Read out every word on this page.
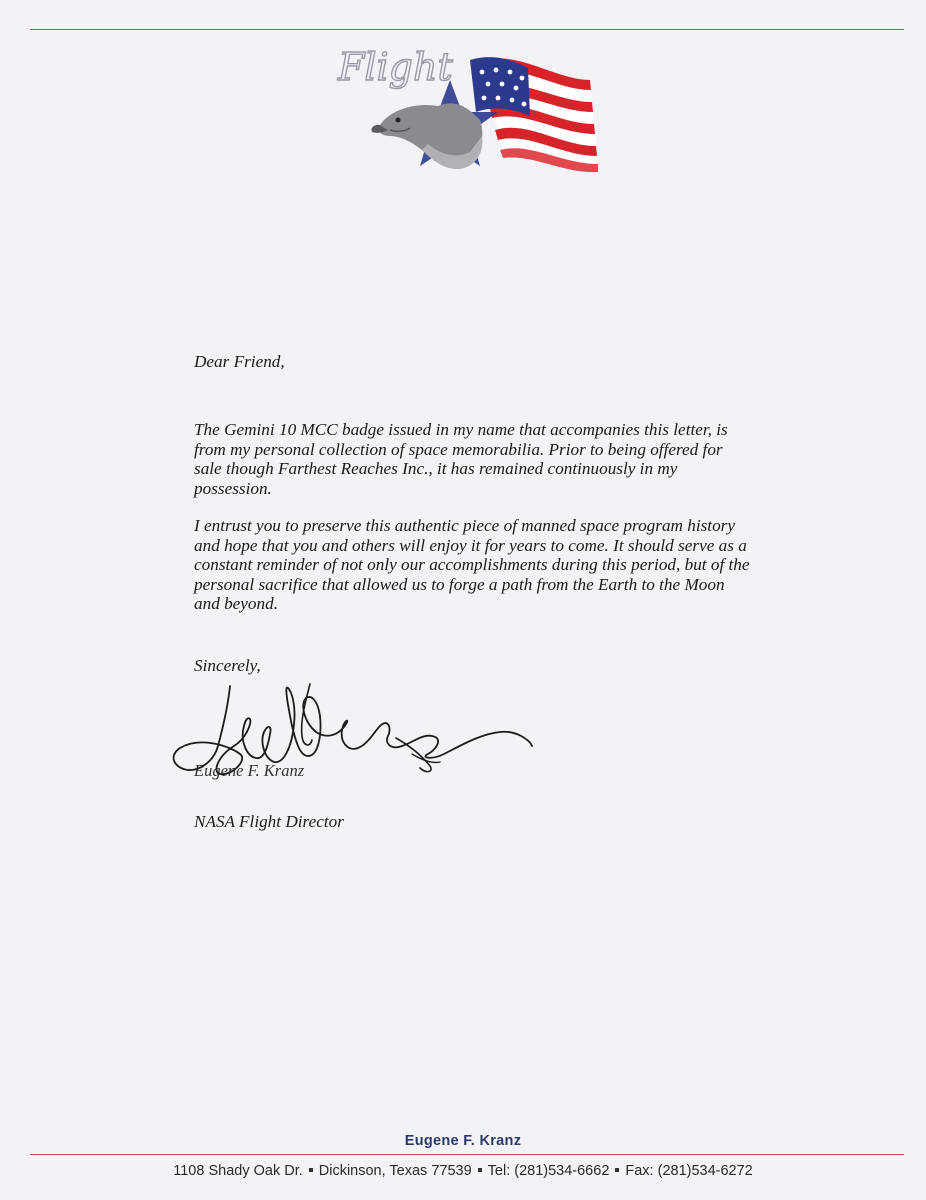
Flight
Dear Friend,
The Gemini 10 MCC badge issued in my name that accompanies this letter, is from my personal collection of space memorabilia. Prior to being offered for sale though Farthest Reaches Inc., it has remained continuously in my possession.
I entrust you to preserve this authentic piece of manned space program history and hope that you and others will enjoy it for years to come. It should serve as a constant reminder of not only our accomplishments during this period, but of the personal sacrifice that allowed us to forge a path from the Earth to the Moon and beyond.
Sincerely,
Eugene F. Kranz
NASA Flight Director
Eugene F. Kranz
1108 Shady Oak Dr. Dickinson, Texas 77539 Tel: (281)534-6662 Fax: (281)534-6272
